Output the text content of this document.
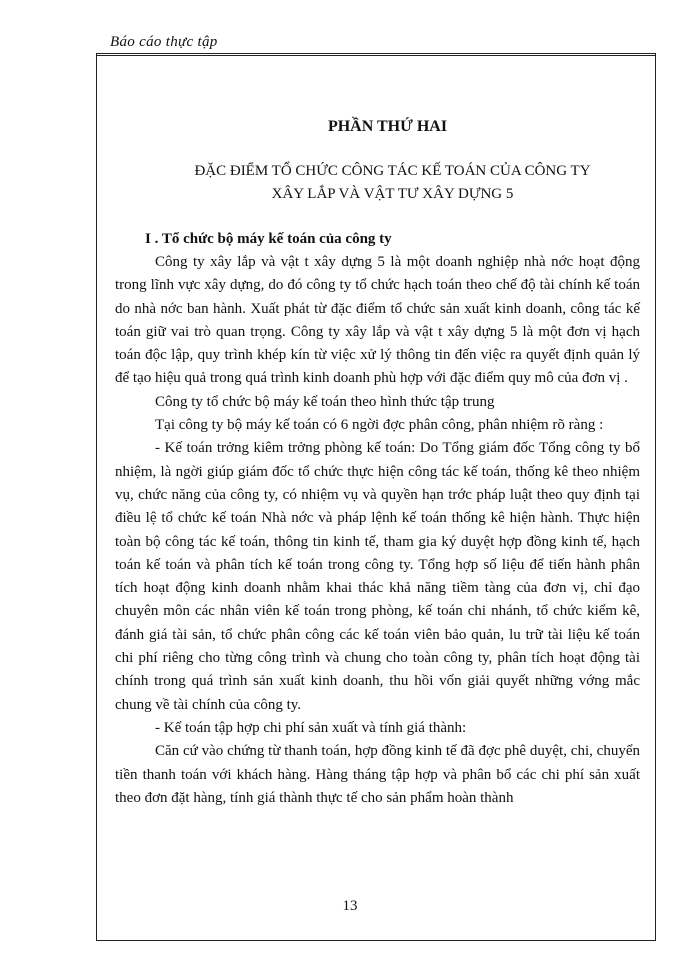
Báo cáo thực tập
PHẦN THỨ HAI
ĐẶC ĐIỂM TỔ CHỨC CÔNG TÁC KẾ TOÁN CỦA CÔNG TY
XÂY LẮP VÀ VẬT TƯ XÂY DỰNG 5
I . Tổ chức bộ máy kế toán của công ty

Công ty xây lắp và vật t xây dựng 5 là một doanh nghiệp nhà nớc hoạt động trong lĩnh vực xây dựng, do đó công ty tổ chức hạch toán theo chế độ tài chính kế toán do nhà nớc ban hành. Xuất phát từ đặc điểm tổ chức sản xuất kinh doanh, công tác kế toán giữ vai trò quan trọng. Công ty xây lắp và vật t xây dựng 5 là một đơn vị hạch toán độc lập, quy trình khép kín từ việc xử lý thông tin đến việc ra quyết định quản lý để tạo hiệu quả trong quá trình kinh doanh phù hợp với đặc điểm quy mô của đơn vị .

Công ty tổ chức bộ máy kế toán theo hình thức tập trung

Tại công ty bộ máy kế toán có 6 ngời đợc phân công, phân nhiệm rõ ràng :

- Kế toán trởng kiêm trởng phòng kế toán: Do Tổng giám đốc Tổng công ty bổ nhiệm, là ngời giúp giám đốc tổ chức thực hiện công tác kế toán, thống kê theo nhiệm vụ, chức năng của công ty, có nhiệm vụ và quyền hạn trớc pháp luật theo quy định tại điều lệ tổ chức kế toán Nhà nớc và pháp lệnh kế toán thống kê hiện hành. Thực hiện toàn bộ công tác kế toán, thông tin kinh tế, tham gia ký duyệt hợp đồng kinh tế, hạch toán kế toán và phân tích kế toán trong công ty. Tổng hợp số liệu để tiến hành phân tích hoạt động kinh doanh nhằm khai thác khả năng tiềm tàng của đơn vị, chỉ đạo chuyên môn các nhân viên kế toán trong phòng, kế toán chi nhánh, tổ chức kiểm kê, đánh giá tài sản, tổ chức phân công các kế toán viên bảo quản, lu trữ tài liệu kế toán chi phí riêng cho từng công trình và chung cho toàn công ty, phân tích hoạt động tài chính trong quá trình sản xuất kinh doanh, thu hồi vốn giải quyết những vớng mắc chung về tài chính của công ty.

- Kế toán tập hợp chi phí sản xuất và tính giá thành:

Căn cứ vào chứng từ thanh toán, hợp đồng kinh tế đã đợc phê duyệt, chi, chuyển tiền thanh toán với khách hàng. Hàng tháng tập hợp và phân bổ các chi phí sản xuất theo đơn đặt hàng, tính giá thành thực tế cho sản phẩm hoàn thành

13
